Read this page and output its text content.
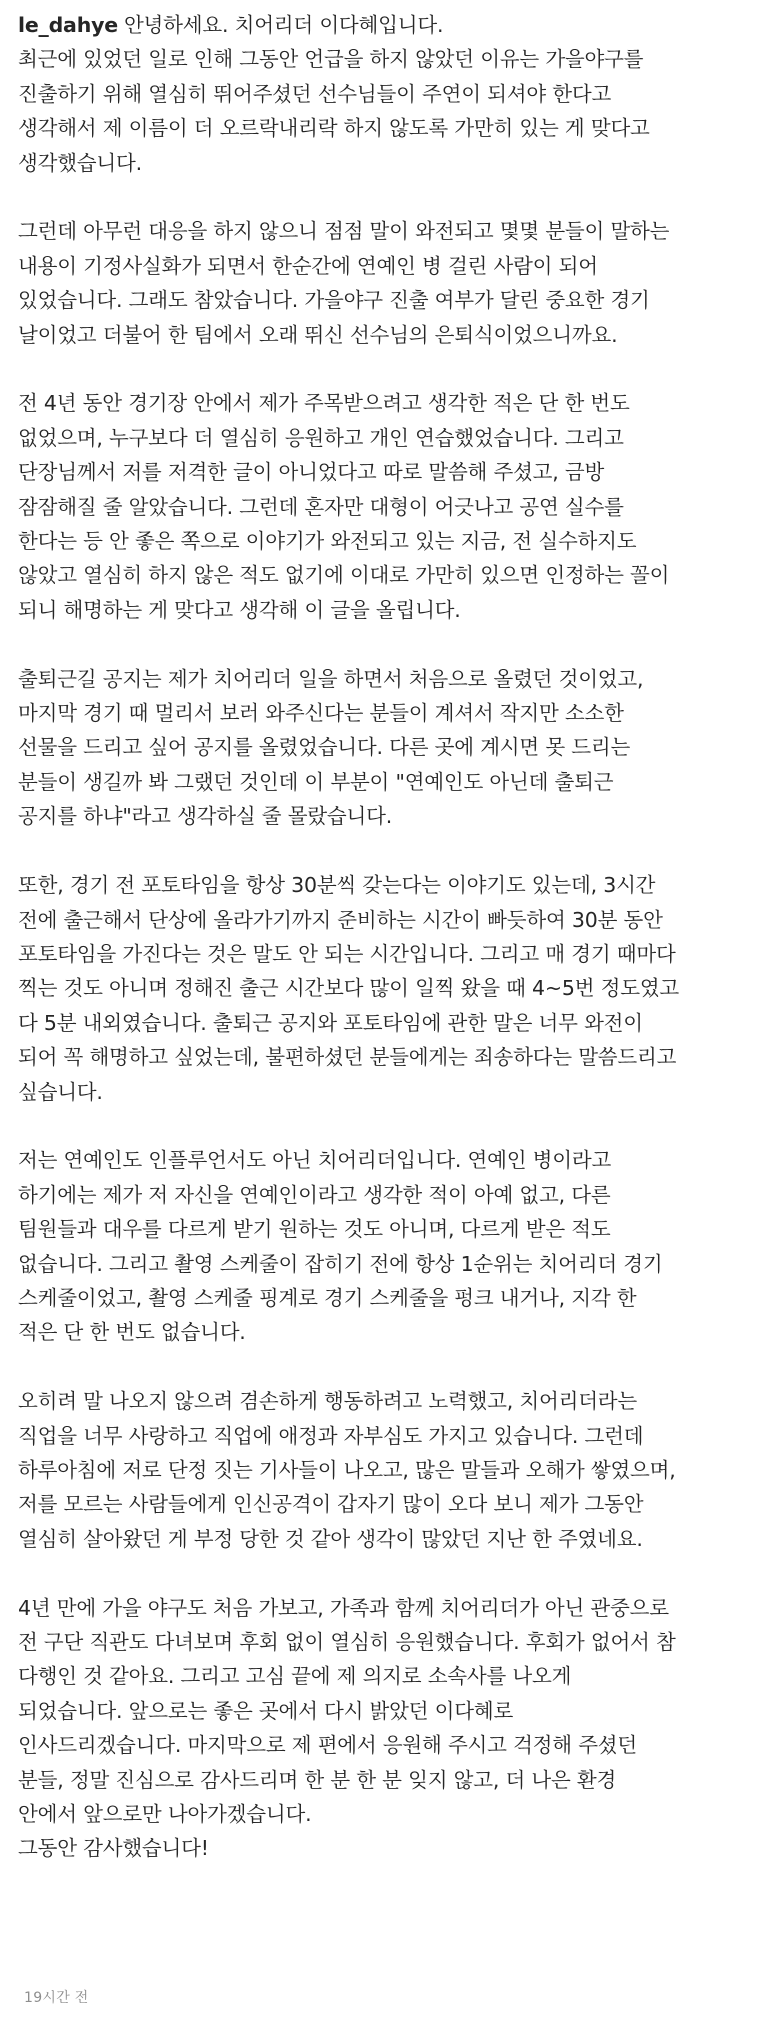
le_dahye 안녕하세요. 치어리더 이다혜입니다.
최근에 있었던 일로 인해 그동안 언급을 하지 않았던 이유는 가을야구를
진출하기 위해 열심히 뛰어주셨던 선수님들이 주연이 되셔야 한다고
생각해서 제 이름이 더 오르락내리락 하지 않도록 가만히 있는 게 맞다고
생각했습니다.
그런데 아무런 대응을 하지 않으니 점점 말이 와전되고 몇몇 분들이 말하는
내용이 기정사실화가 되면서 한순간에 연예인 병 걸린 사람이 되어
있었습니다. 그래도 참았습니다. 가을야구 진출 여부가 달린 중요한 경기
날이었고 더불어 한 팀에서 오래 뛰신 선수님의 은퇴식이었으니까요.
전 4년 동안 경기장 안에서 제가 주목받으려고 생각한 적은 단 한 번도
없었으며, 누구보다 더 열심히 응원하고 개인 연습했었습니다. 그리고
단장님께서 저를 저격한 글이 아니었다고 따로 말씀해 주셨고, 금방
잠잠해질 줄 알았습니다. 그런데 혼자만 대형이 어긋나고 공연 실수를
한다는 등 안 좋은 쪽으로 이야기가 와전되고 있는 지금, 전 실수하지도
않았고 열심히 하지 않은 적도 없기에 이대로 가만히 있으면 인정하는 꼴이
되니 해명하는 게 맞다고 생각해 이 글을 올립니다.
출퇴근길 공지는 제가 치어리더 일을 하면서 처음으로 올렸던 것이었고,
마지막 경기 때 멀리서 보러 와주신다는 분들이 계셔서 작지만 소소한
선물을 드리고 싶어 공지를 올렸었습니다. 다른 곳에 계시면 못 드리는
분들이 생길까 봐 그랬던 것인데 이 부분이 "연예인도 아닌데 출퇴근
공지를 하냐"라고 생각하실 줄 몰랐습니다.
또한, 경기 전 포토타임을 항상 30분씩 갖는다는 이야기도 있는데, 3시간
전에 출근해서 단상에 올라가기까지 준비하는 시간이 빠듯하여 30분 동안
포토타임을 가진다는 것은 말도 안 되는 시간입니다. 그리고 매 경기 때마다
찍는 것도 아니며 정해진 출근 시간보다 많이 일찍 왔을 때 4~5번 정도였고
다 5분 내외였습니다. 출퇴근 공지와 포토타임에 관한 말은 너무 와전이
되어 꼭 해명하고 싶었는데, 불편하셨던 분들에게는 죄송하다는 말씀드리고
싶습니다.
저는 연예인도 인플루언서도 아닌 치어리더입니다. 연예인 병이라고
하기에는 제가 저 자신을 연예인이라고 생각한 적이 아예 없고, 다른
팀원들과 대우를 다르게 받기 원하는 것도 아니며, 다르게 받은 적도
없습니다. 그리고 촬영 스케줄이 잡히기 전에 항상 1순위는 치어리더 경기
스케줄이었고, 촬영 스케줄 핑계로 경기 스케줄을 펑크 내거나, 지각 한
적은 단 한 번도 없습니다.
오히려 말 나오지 않으려 겸손하게 행동하려고 노력했고, 치어리더라는
직업을 너무 사랑하고 직업에 애정과 자부심도 가지고 있습니다. 그런데
하루아침에 저로 단정 짓는 기사들이 나오고, 많은 말들과 오해가 쌓였으며,
저를 모르는 사람들에게 인신공격이 갑자기 많이 오다 보니 제가 그동안
열심히 살아왔던 게 부정 당한 것 같아 생각이 많았던 지난 한 주였네요.
4년 만에 가을 야구도 처음 가보고, 가족과 함께 치어리더가 아닌 관중으로
전 구단 직관도 다녀보며 후회 없이 열심히 응원했습니다. 후회가 없어서 참
다행인 것 같아요. 그리고 고심 끝에 제 의지로 소속사를 나오게
되었습니다. 앞으로는 좋은 곳에서 다시 밝았던 이다혜로
인사드리겠습니다. 마지막으로 제 편에서 응원해 주시고 걱정해 주셨던
분들, 정말 진심으로 감사드리며 한 분 한 분 잊지 않고, 더 나은 환경
안에서 앞으로만 나아가겠습니다.
그동안 감사했습니다!
19시간 전
